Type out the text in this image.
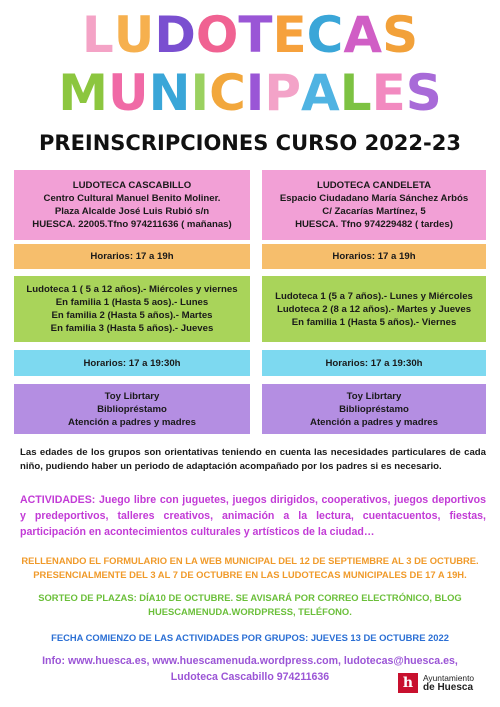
LUDOTECAS
MUNICIPALES
PREINSCRIPCIONES CURSO 2022-23
LUDOTECA CASCABILLO
Centro Cultural Manuel Benito Moliner.
Plaza Alcalde José Luis Rubió s/n
HUESCA. 22005.Tfno 974211636 ( mañanas)
Horarios: 17 a 19h
Ludoteca 1 ( 5 a 12 años).- Miércoles y viernes
En familia 1 (Hasta 5 aos).- Lunes
En familia 2 (Hasta 5 años).- Martes
En familia 3 (Hasta 5 años).- Jueves
Horarios: 17 a 19:30h
Toy Librtary
Bibliopréstamo
Atención a padres y madres
LUDOTECA CANDELETA
Espacio Ciudadano María Sánchez Arbós
C/ Zacarías Martínez, 5
HUESCA. Tfno 974229482 ( tardes)
Horarios: 17 a 19h
Ludoteca 1 (5 a 7 años).- Lunes y Miércoles
Ludoteca 2 (8 a 12 años).- Martes y Jueves
En familia 1 (Hasta 5 años).- Viernes
Horarios: 17 a 19:30h
Toy Librtary
Bibliopréstamo
Atención a padres y madres
Las edades de los grupos son orientativas teniendo en cuenta las necesidades particulares de cada niño, pudiendo haber un periodo de adaptación acompañado por los padres si es necesario.
ACTIVIDADES: Juego libre con juguetes, juegos dirigidos, cooperativos, juegos deportivos y predeportivos, talleres creativos, animación a la lectura, cuentacuentos, fiestas, participación en acontecimientos culturales y artísticos de la ciudad…
RELLENANDO EL FORMULARIO EN LA WEB MUNICIPAL DEL 12 DE SEPTIEMBRE AL 3 DE OCTUBRE.
PRESENCIALMENTE DEL 3 AL 7 DE OCTUBRE EN LAS LUDOTECAS MUNICIPALES DE 17 A 19H.
SORTEO DE PLAZAS: DÍA10 DE OCTUBRE. SE AVISARÁ POR CORREO ELECTRÓNICO, BLOG
HUESCAMENUDA.WORDPRESS, TELÉFONO.
FECHA COMIENZO DE LAS ACTIVIDADES POR GRUPOS: JUEVES 13 DE OCTUBRE 2022
Info: www.huesca.es, www.huescamenuda.wordpress.com, ludotecas@huesca.es,
Ludoteca Cascabillo 974211636	h	Ayuntamiento
de Huesca
